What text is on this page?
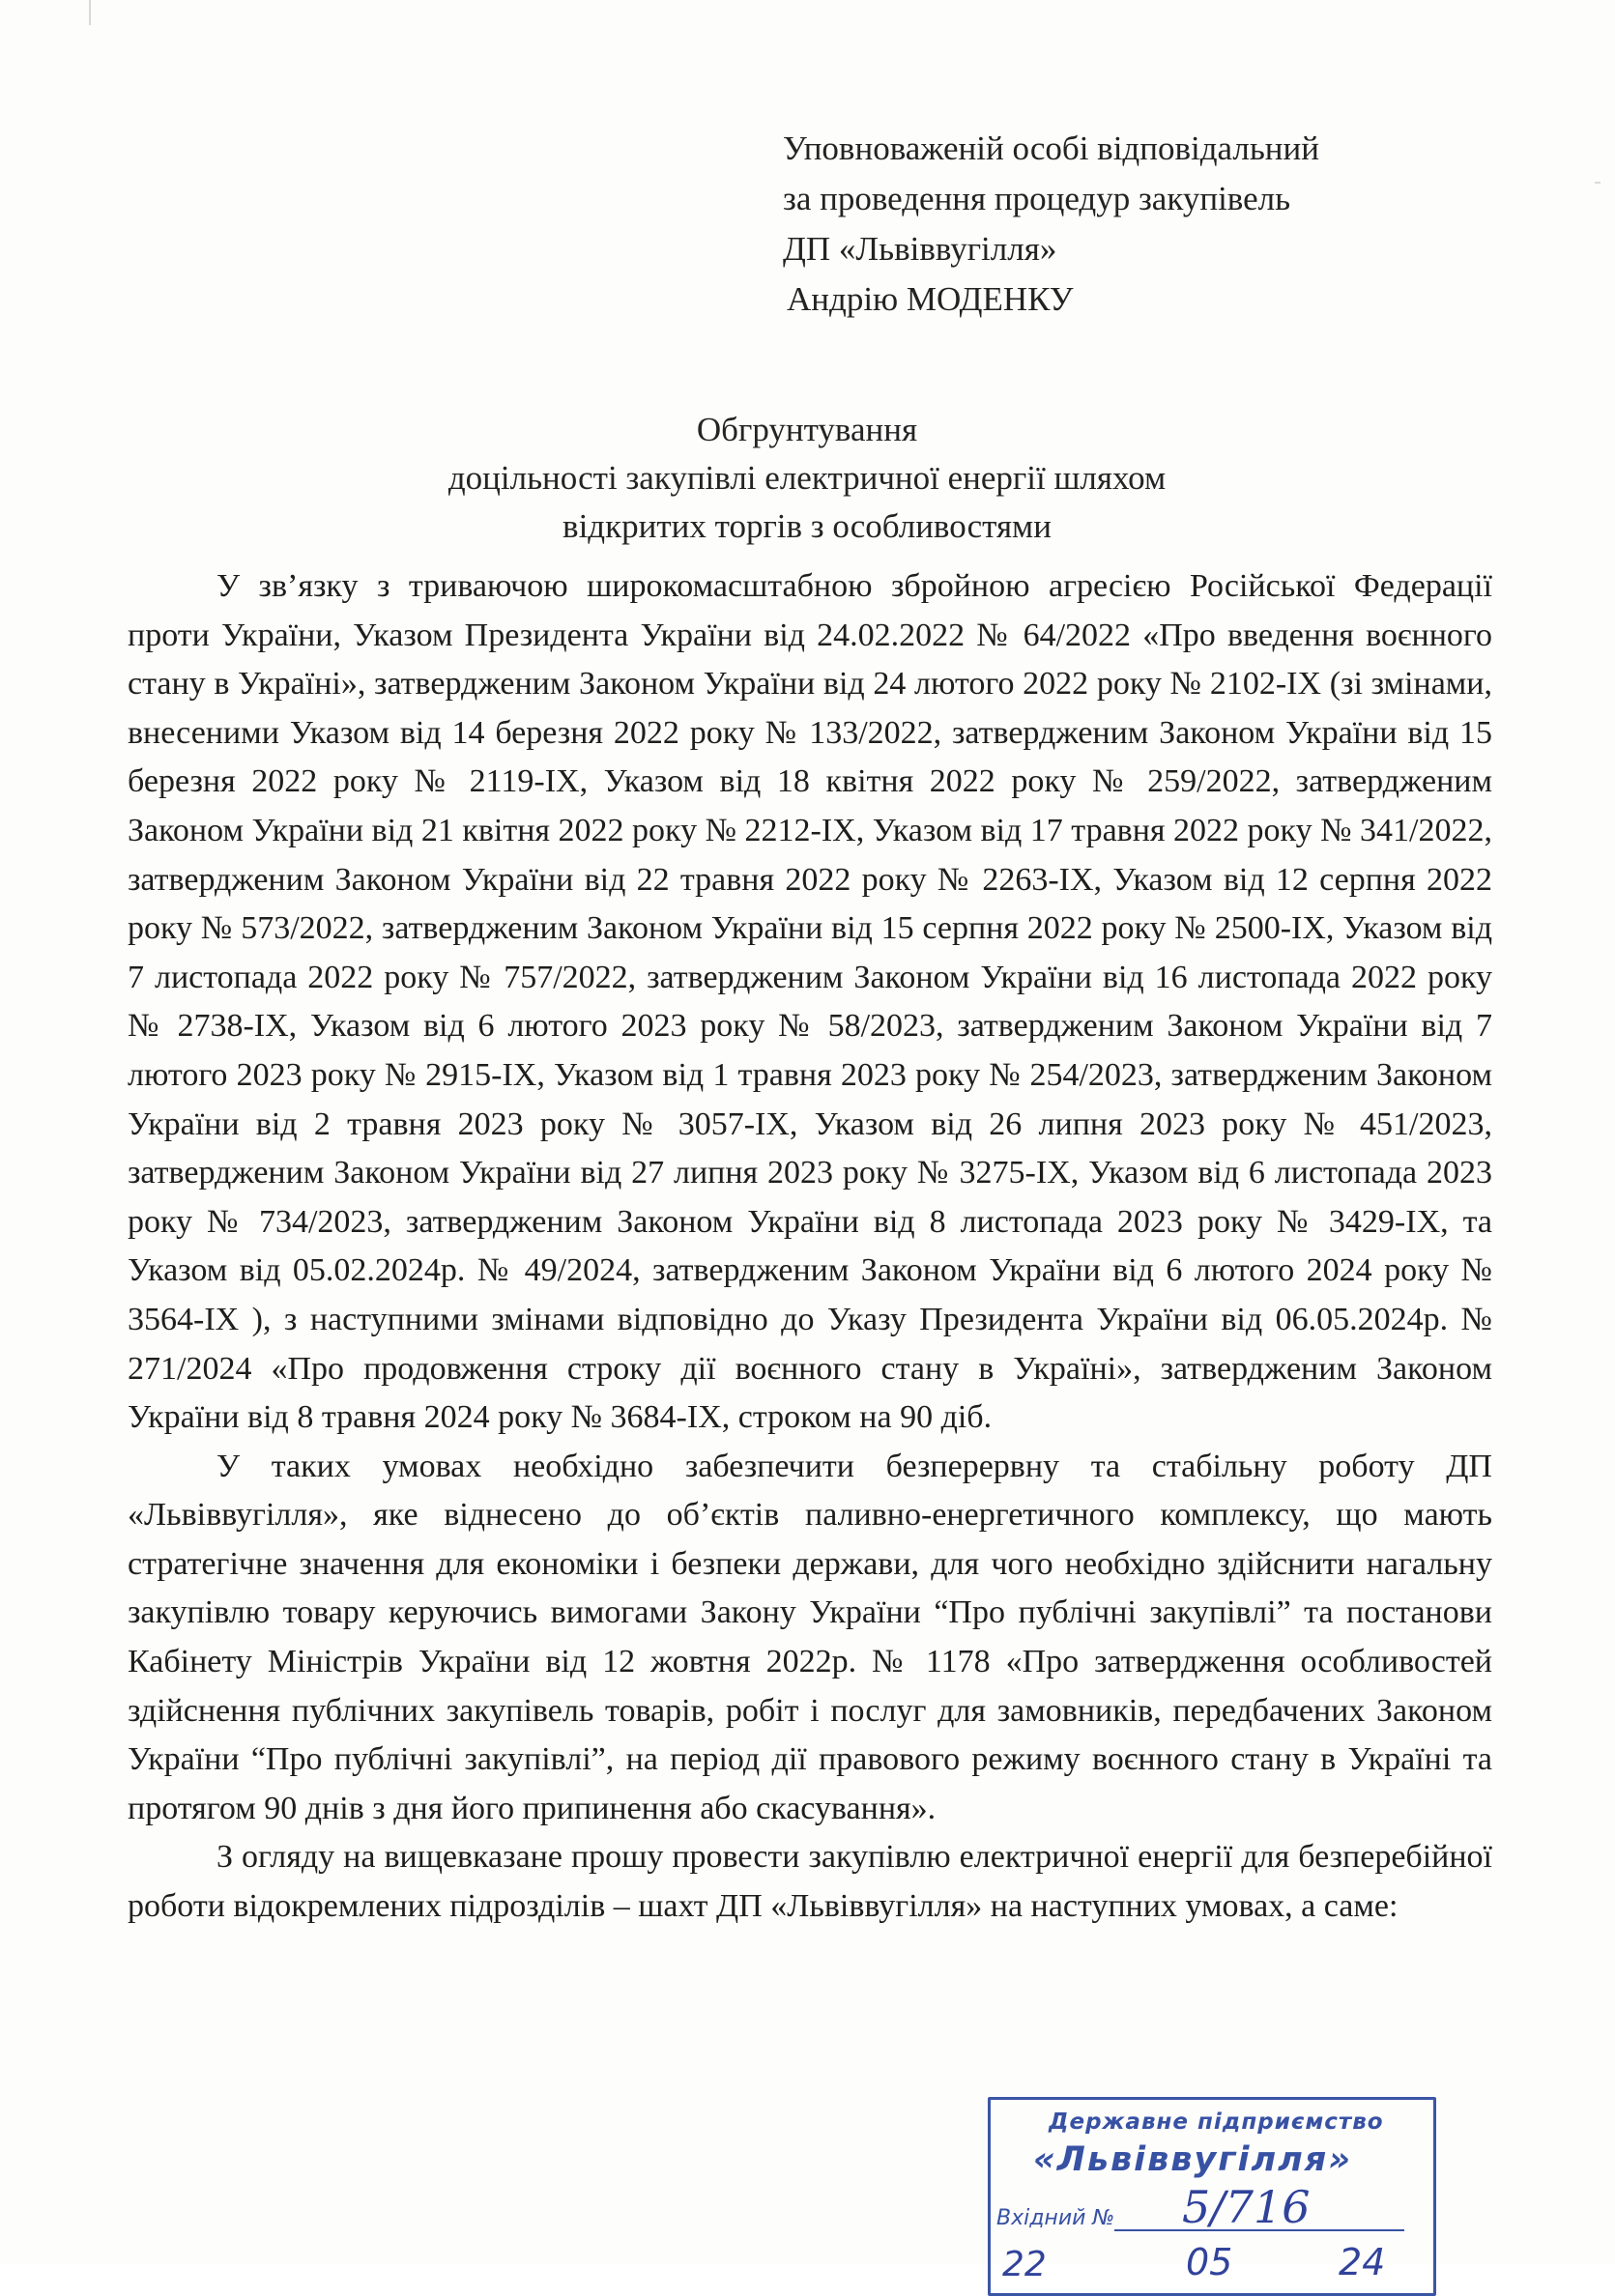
Уповноваженій особі відповідальний
за проведення процедур закупівель
ДП «Львіввугілля»
Андрію МОДЕНКУ
Обгрунтування
доцільності закупівлі електричної енергії шляхом
відкритих торгів з особливостями

У зв’язку з триваючою широкомасштабною збройною агресією Російської Федерації проти України, Указом Президента України від 24.02.2022 № 64/2022 «Про введення воєнного стану в Україні», затвердженим Законом України від 24 лютого 2022 року № 2102-ІХ (зі змінами, внесеними Указом від 14 березня 2022 року № 133/2022, затвердженим Законом України від 15 березня 2022 року № 2119-ІХ, Указом від 18 квітня 2022 року № 259/2022, затвердженим Законом України від 21 квітня 2022 року № 2212-ІХ, Указом від 17 травня 2022 року № 341/2022, затвердженим Законом України від 22 травня 2022 року № 2263-ІХ, Указом від 12 серпня 2022 року № 573/2022, затвердженим Законом України від 15 серпня 2022 року № 2500-ІХ, Указом від 7 листопада 2022 року № 757/2022, затвердженим Законом України від 16 листопада 2022 року № 2738-ІХ, Указом від 6 лютого 2023 року № 58/2023, затвердженим Законом України від 7 лютого 2023 року № 2915-ІХ, Указом від 1 травня 2023 року № 254/2023, затвердженим Законом України від 2 травня 2023 року № 3057-ІХ, Указом від 26 липня 2023 року № 451/2023, затвердженим Законом України від 27 липня 2023 року № 3275-ІХ, Указом від 6 листопада 2023 року № 734/2023, затвердженим Законом України від 8 листопада 2023 року № 3429-ІХ, та Указом від 05.02.2024р. № 49/2024, затвердженим Законом України від 6 лютого 2024 року № 3564-ІХ ), з наступними змінами відповідно до Указу Президента України від 06.05.2024р. № 271/2024 «Про продовження строку дії воєнного стану в Україні», затвердженим Законом України від 8 травня 2024 року № 3684-ІХ, строком на 90 діб.

У таких умовах необхідно забезпечити безперервну та стабільну роботу ДП «Львіввугілля», яке віднесено до об’єктів паливно-енергетичного комплексу, що мають стратегічне значення для економіки і безпеки держави, для чого необхідно здійснити нагальну закупівлю товару керуючись вимогами Закону України “Про публічні закупівлі” та постанови Кабінету Міністрів України від 12 жовтня 2022р. № 1178 «Про затвердження особливостей здійснення публічних закупівель товарів, робіт і послуг для замовників, передбачених Законом України “Про публічні закупівлі”, на період дії правового режиму воєнного стану в Україні та протягом 90 днів з дня його припинення або скасування».

З огляду на вищевказане прошу провести закупівлю електричної енергії для безперебійної роботи відокремлених підрозділів – шахт ДП «Львіввугілля» на наступних умовах, а саме:

Державне підприємство
«Львіввугілля»
Вхідний № 5/716
22	05	24
